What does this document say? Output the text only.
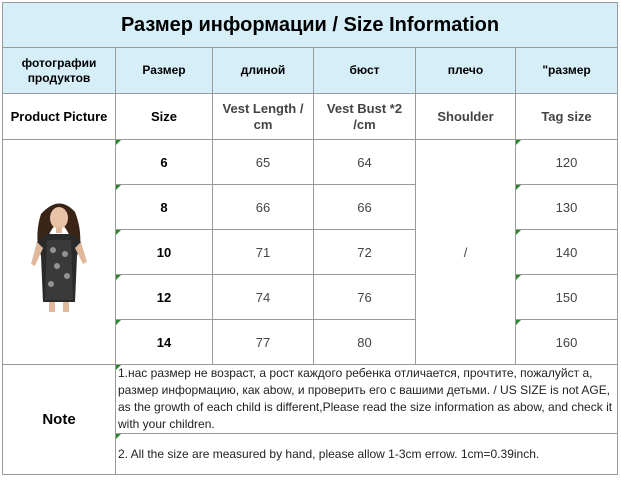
Размер информации / Size Information					
фотографии продуктов	Размер	длиной	бюст	плечо	"размер
Product Picture	Size	Vest Length / cm	Vest Bust *2 /cm	Shoulder	Tag size

	6	65	64	/	120
	8	66	66		130
	10	71	72		140
	12	74	76		150
	14	77	80		160
Note	1.нас размер не возраст, а рост каждого ребенка отличается, прочтите, пожалуйст а, размер информацию, как abow, и проверить его с вашими детьми. / US SIZE is not AGE, as the growth of each child is different,Please read the size information as abow, and check it with your children.				
	2. All the size are measured by hand, please allow 1-3cm errow. 1cm=0.39inch.				
